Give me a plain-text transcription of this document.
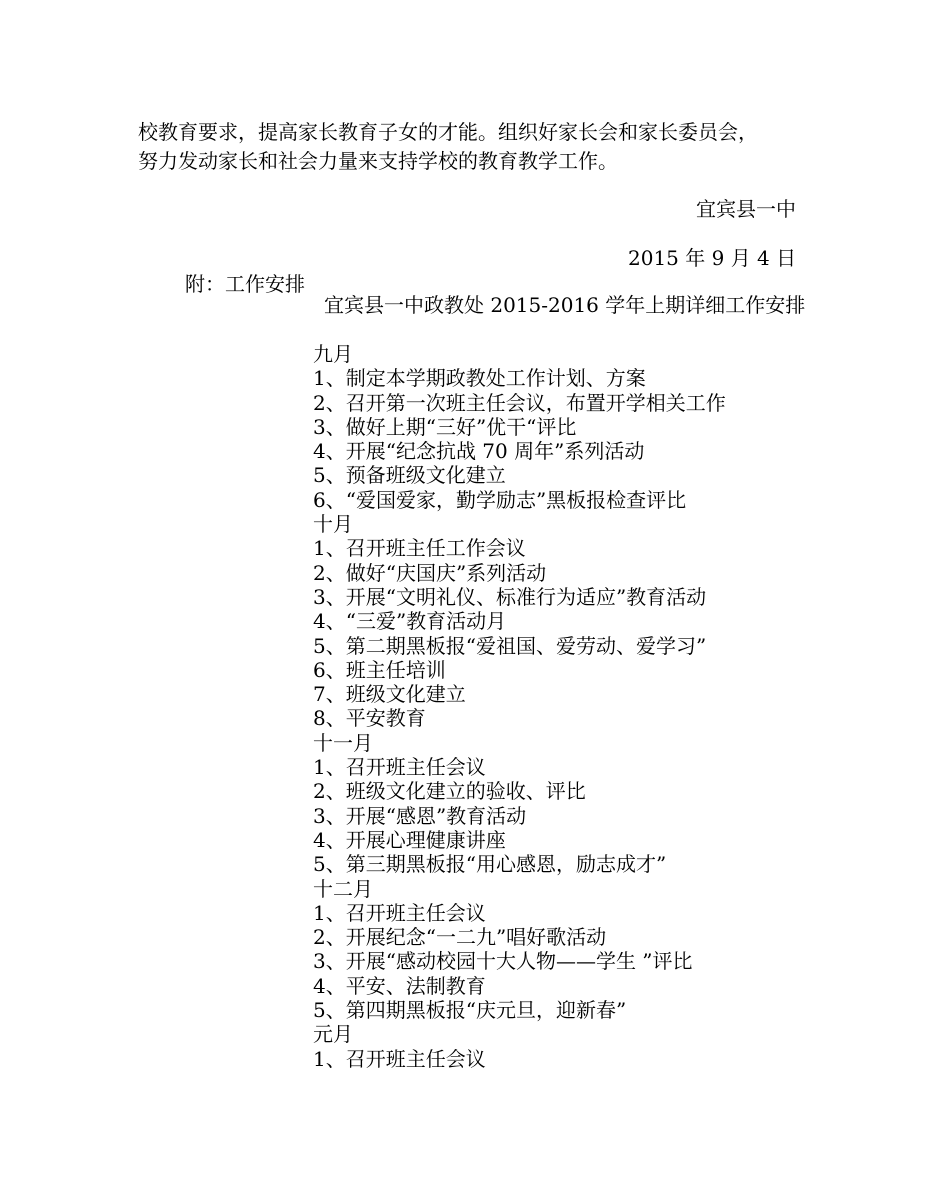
校教育要求，提高家长教育子女的才能。组织好家长会和家长委员会，
努力发动家长和社会力量来支持学校的教育教学工作。
宜宾县一中
2015 年 9 月 4 日
附：工作安排
宜宾县一中政教处 2015-2016 学年上期详细工作安排
九月
1、制定本学期政教处工作计划、方案
2、召开第一次班主任会议，布置开学相关工作
3、做好上期“三好”优干“评比
4、开展“纪念抗战 70 周年”系列活动
5、预备班级文化建立
6、“爱国爱家，勤学励志”黑板报检查评比
十月
1、召开班主任工作会议
2、做好“庆国庆”系列活动
3、开展“文明礼仪、标准行为适应”教育活动
4、“三爱”教育活动月
5、第二期黑板报“爱祖国、爱劳动、爱学习”
6、班主任培训
7、班级文化建立
8、平安教育
十一月
1、召开班主任会议
2、班级文化建立的验收、评比
3、开展“感恩”教育活动
4、开展心理健康讲座
5、第三期黑板报“用心感恩，励志成才”
十二月
1、召开班主任会议
2、开展纪念“一二九”唱好歌活动
3、开展“感动校园十大人物——学生 ”评比
4、平安、法制教育
5、第四期黑板报“庆元旦，迎新春”
元月
1、召开班主任会议
